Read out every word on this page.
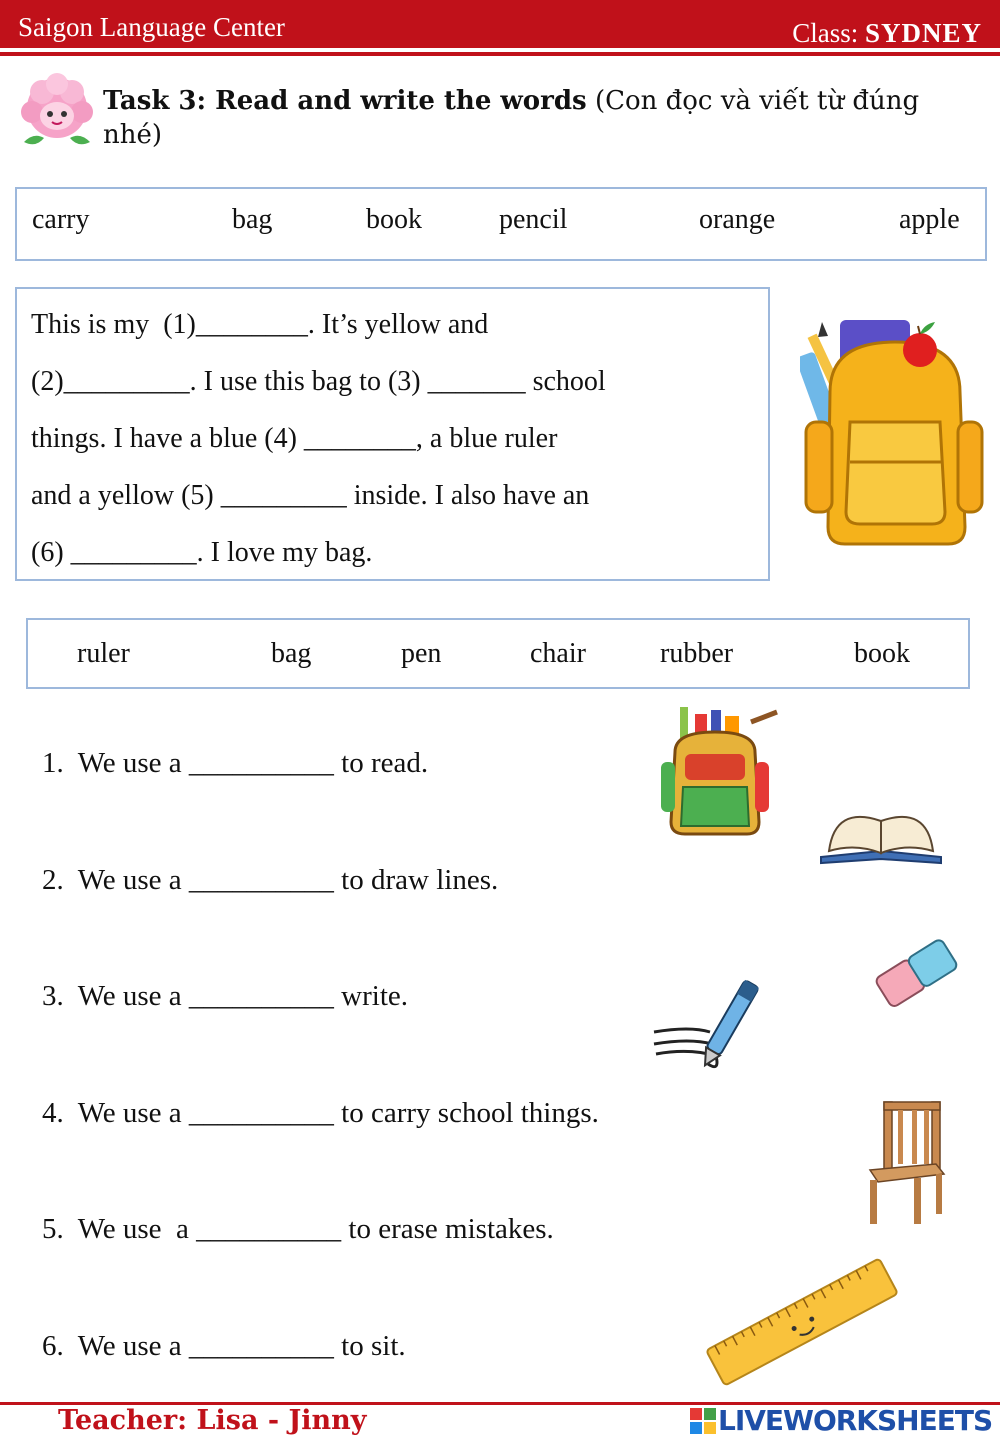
Saigon Language Center	Class: SYDNEY
Task 3: Read and write the words (Con đọc và viết từ đúng nhé)
carry	bag	book	pencil	orange	apple
This is my  (1)________. It’s yellow and
(2)_________. I use this bag to (3) _______ school
things. I have a blue (4) ________, a blue ruler
and a yellow (5) _________ inside. I also have an
(6) _________. I love my bag.
ruler	bag	pen	chair	rubber	book
1.  We use a __________ to read.
2.  We use a __________ to draw lines.
3.  We use a __________ write.
4.  We use a __________ to carry school things.
5.  We use  a __________ to erase mistakes.
6.  We use a __________ to sit.
Teacher: Lisa - Jinny	LIVEWORKSHEETS
